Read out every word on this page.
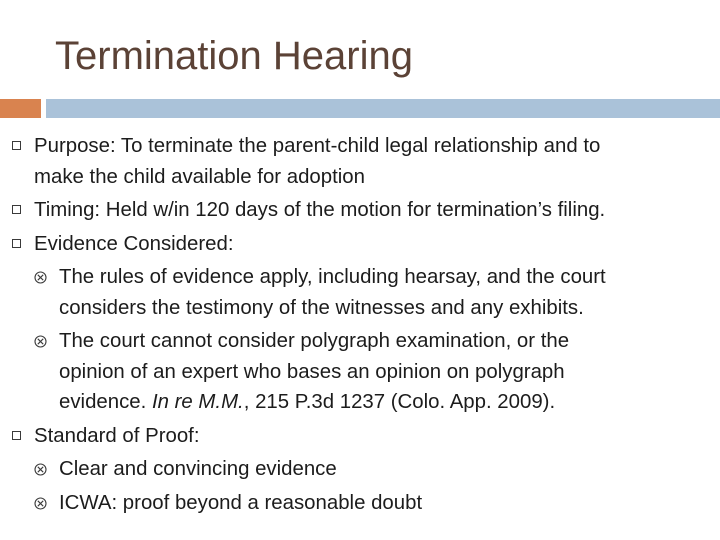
Termination Hearing
Purpose: To terminate the parent-child legal relationship and to
make the child available for adoption
Timing: Held w/in 120 days of the motion for termination’s filing.
Evidence Considered:
The rules of evidence apply, including hearsay, and the court
considers the testimony of the witnesses and any exhibits.
The court cannot consider polygraph examination, or the
opinion of an expert who bases an opinion on polygraph
evidence. In re M.M., 215 P.3d 1237 (Colo. App. 2009).
Standard of Proof:
Clear and convincing evidence
ICWA: proof beyond a reasonable doubt
